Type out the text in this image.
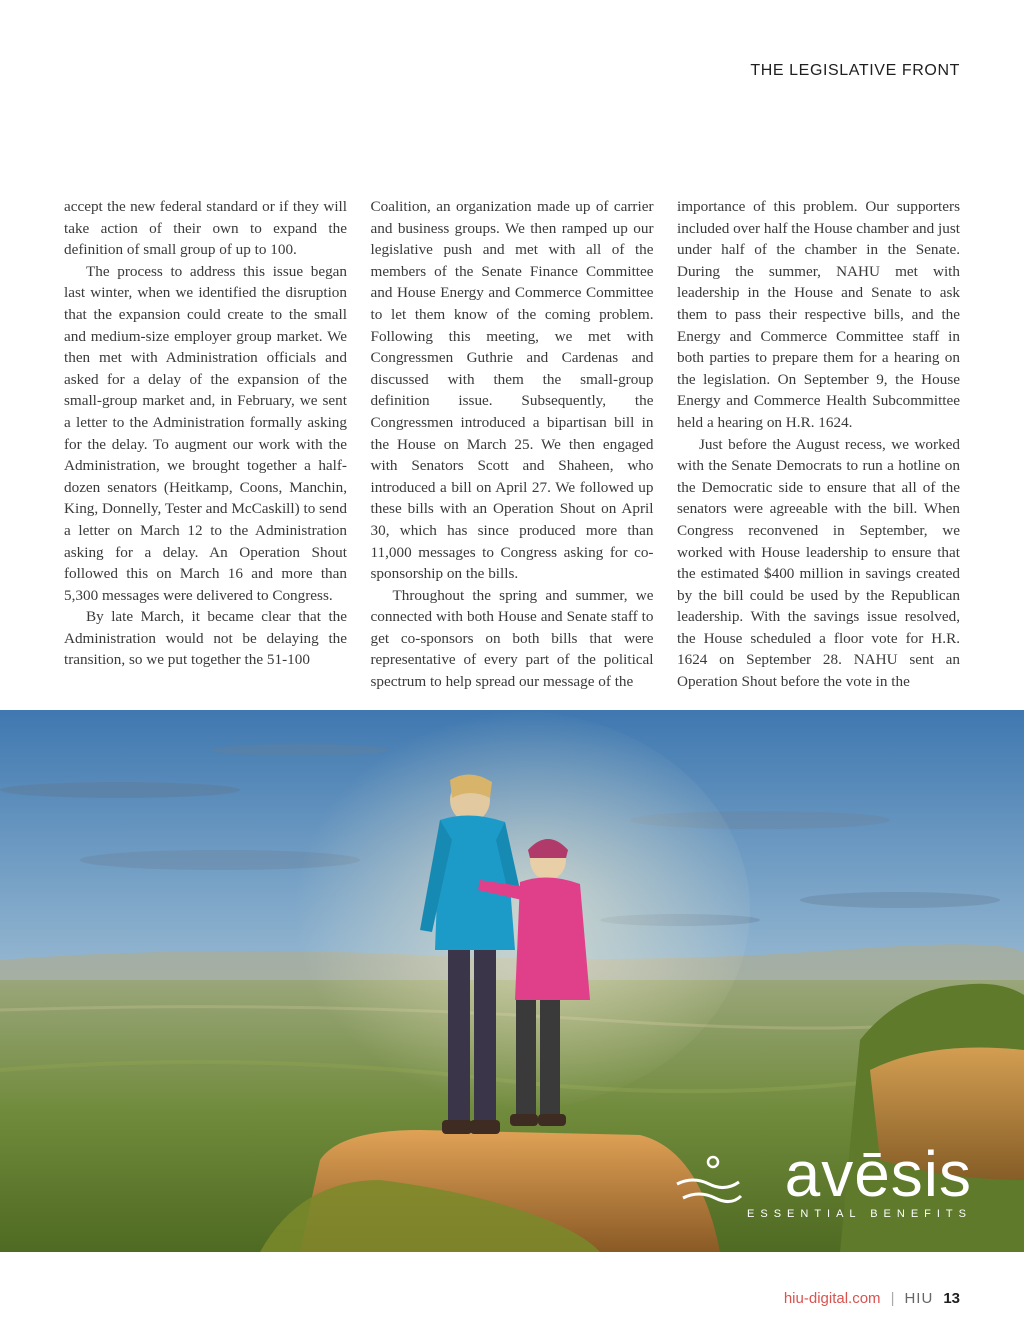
THE LEGISLATIVE FRONT

accept the new federal standard or if they will take action of their own to expand the definition of small group of up to 100.

The process to address this issue began last winter, when we identified the disruption that the expansion could create to the small and medium-size employer group market. We then met with Administration officials and asked for a delay of the expansion of the small-group market and, in February, we sent a letter to the Administration formally asking for the delay. To augment our work with the Administration, we brought together a half-dozen senators (Heitkamp, Coons, Manchin, King, Donnelly, Tester and McCaskill) to send a letter on March 12 to the Administration asking for a delay. An Operation Shout followed this on March 16 and more than 5,300 messages were delivered to Congress.

By late March, it became clear that the Administration would not be delaying the transition, so we put together the 51-100

Coalition, an organization made up of carrier and business groups. We then ramped up our legislative push and met with all of the members of the Senate Finance Committee and House Energy and Commerce Committee to let them know of the coming problem. Following this meeting, we met with Congressmen Guthrie and Cardenas and discussed with them the small-group definition issue. Subsequently, the Congressmen introduced a bipartisan bill in the House on March 25. We then engaged with Senators Scott and Shaheen, who introduced a bill on April 27. We followed up these bills with an Operation Shout on April 30, which has since produced more than 11,000 messages to Congress asking for co-sponsorship on the bills.

Throughout the spring and summer, we connected with both House and Senate staff to get co-sponsors on both bills that were representative of every part of the political spectrum to help spread our message of the

importance of this problem. Our supporters included over half the House chamber and just under half of the chamber in the Senate. During the summer, NAHU met with leadership in the House and Senate to ask them to pass their respective bills, and the Energy and Commerce Committee staff in both parties to prepare them for a hearing on the legislation. On September 9, the House Energy and Commerce Health Subcommittee held a hearing on H.R. 1624.

Just before the August recess, we worked with the Senate Democrats to run a hotline on the Democratic side to ensure that all of the senators were agreeable with the bill. When Congress reconvened in September, we worked with House leadership to ensure that the estimated $400 million in savings created by the bill could be used by the Republican leadership. With the savings issue resolved, the House scheduled a floor vote for H.R. 1624 on September 28. NAHU sent an Operation Shout before the vote in the

avēsis
ESSENTIAL BENEFITS
hiu-digital.com | HIU 13
